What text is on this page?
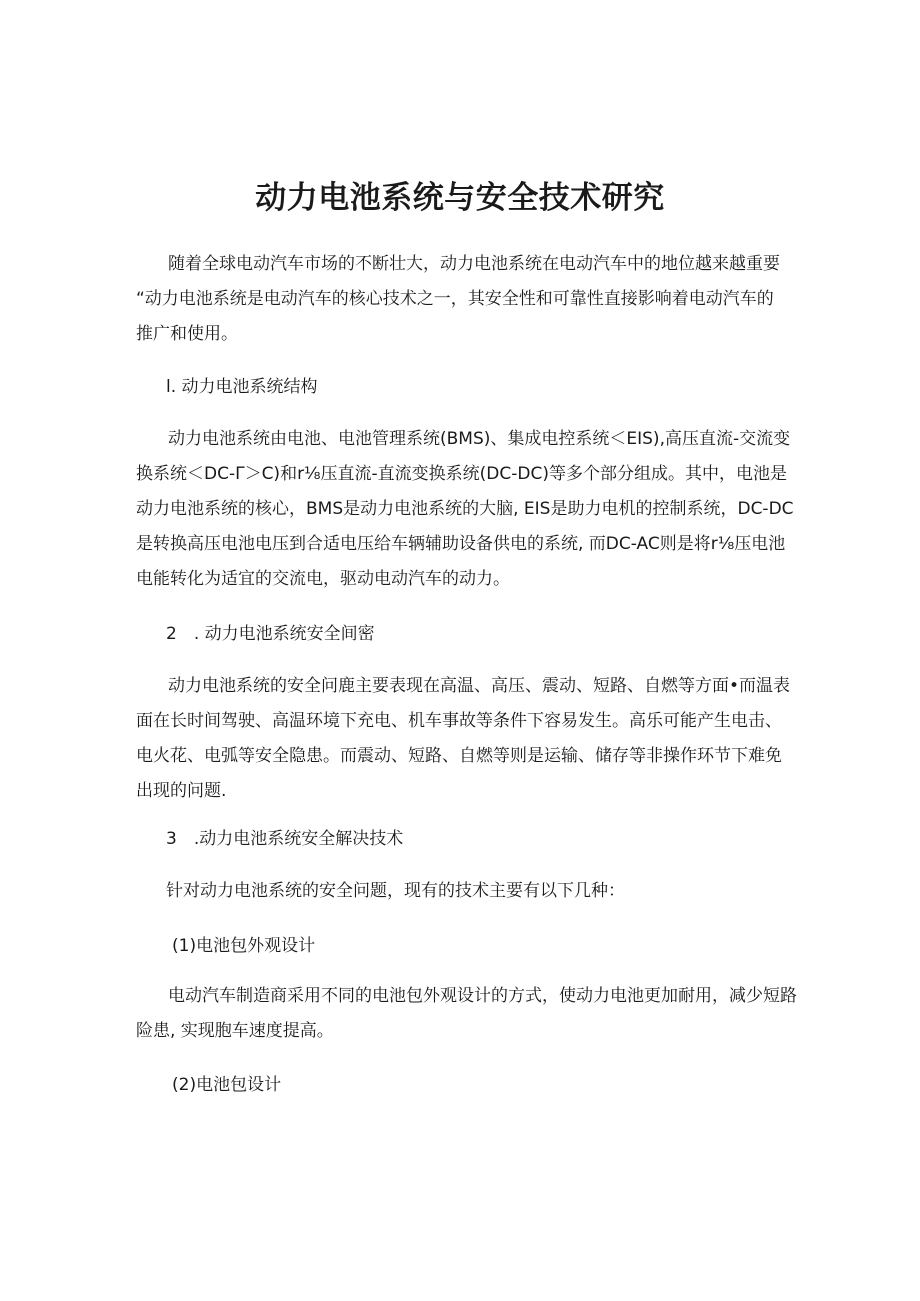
动力电池系统与安全技术研究

随着全球电动汽车市场的不断壮大，动力电池系统在电动汽车中的地位越来越重要

“动力电池系统是电动汽车的核心技术之一，其安全性和可靠性直接影响着电动汽车的

推广和使用。

l. 动力电池系统结构

动力电池系统由电池、电池管理系统(BMS)、集成电控系统＜EIS),高压直流-交流变

换系统＜DC-Γ＞C)和r⅛压直流-直流变换系统(DC-DC)等多个部分组成。其中，电池是

动力电池系统的核心，BMS是动力电池系统的大脑, EIS是助力电机的控制系统，DC-DC

是转换高压电池电压到合适电压给车辆辅助设备供电的系统, 而DC-AC则是将r⅛压电池

电能转化为适宜的交流电，驱动电动汽车的动力。

2　. 动力电池系统安全间密

动力电池系统的安全问鹿主要表现在高温、高压、震动、短路、自燃等方面•而温表

面在长时间驾驶、高温环境下充电、机车事故等条件下容易发生。高乐可能产生电击、

电火花、电弧等安全隐患。而震动、短路、自燃等则是运输、储存等非操作环节下难免

出现的问题.

3　.动力电池系统安全解决技术
针对动力电池系统的安全问题，现有的技术主要有以下几种：
(1)电池包外观设计

电动汽车制造商采用不同的电池包外观设计的方式，使动力电池更加耐用，减少短路

险患, 实现胞车速度提高。

(2)电池包设计
